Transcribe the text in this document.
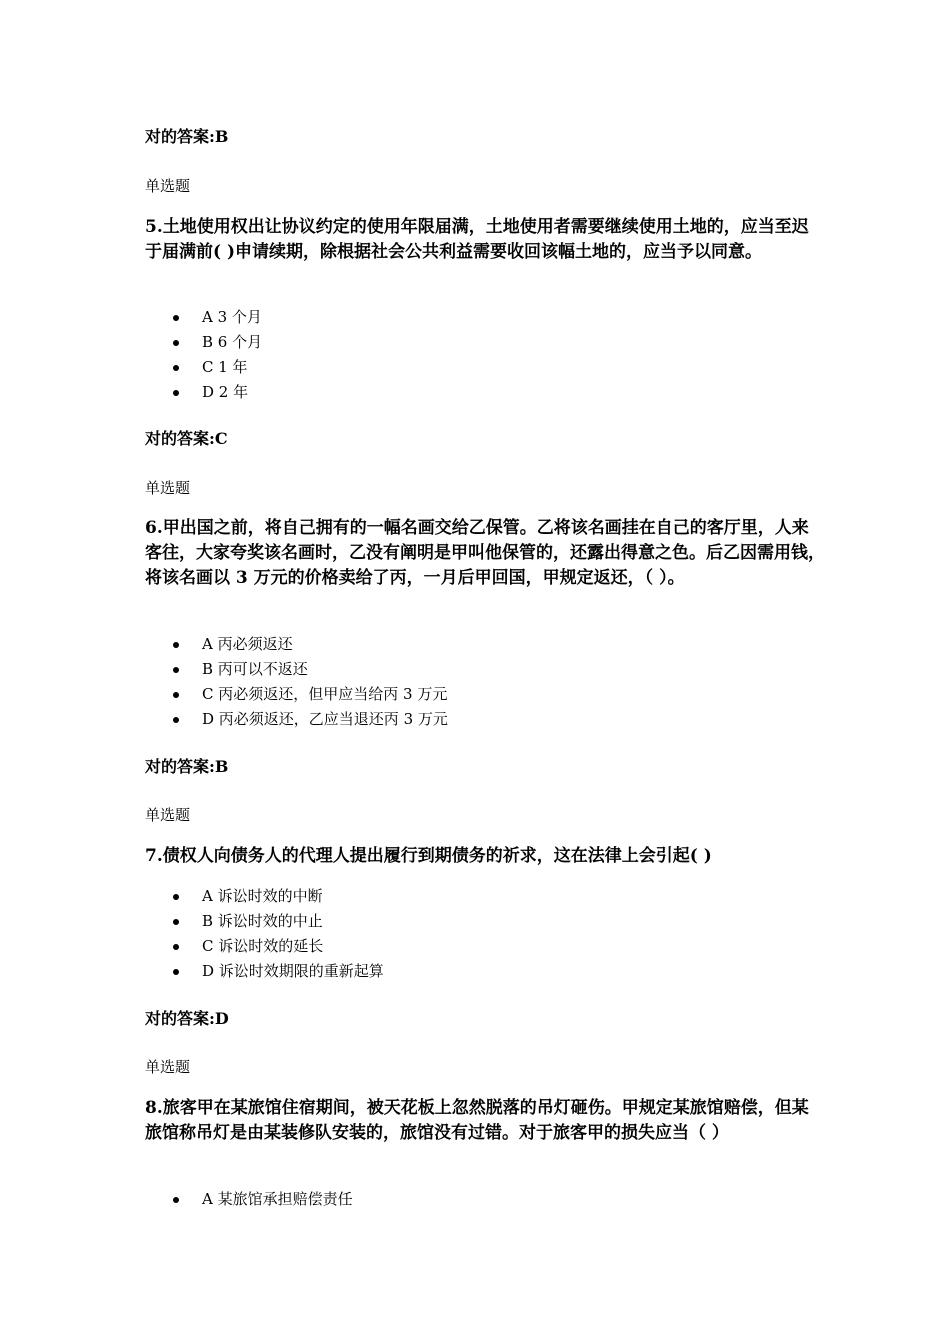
对的答案:B
单选题

5.土地使用权出让协议约定的使用年限届满，土地使用者需要继续使用土地的，应当至迟于届满前( )申请续期，除根据社会公共利益需要收回该幅土地的，应当予以同意。

A 3 个月
B 6 个月
C 1 年
D 2 年
对的答案:C
单选题

6.甲出国之前，将自己拥有的一幅名画交给乙保管。乙将该名画挂在自己的客厅里，人来客往，大家夸奖该名画时，乙没有阐明是甲叫他保管的，还露出得意之色。后乙因需用钱，将该名画以 3 万元的价格卖给了丙，一月后甲回国，甲规定返还，（ ）。

A 丙必须返还
B 丙可以不返还
C 丙必须返还，但甲应当给丙 3 万元
D 丙必须返还，乙应当退还丙 3 万元
对的答案:B
单选题

7.债权人向债务人的代理人提出履行到期债务的祈求，这在法律上会引起( )

A 诉讼时效的中断
B 诉讼时效的中止
C 诉讼时效的延长
D 诉讼时效期限的重新起算
对的答案:D
单选题

8.旅客甲在某旅馆住宿期间，被天花板上忽然脱落的吊灯砸伤。甲规定某旅馆赔偿，但某旅馆称吊灯是由某装修队安装的，旅馆没有过错。对于旅客甲的损失应当（ ）

A 某旅馆承担赔偿责任
